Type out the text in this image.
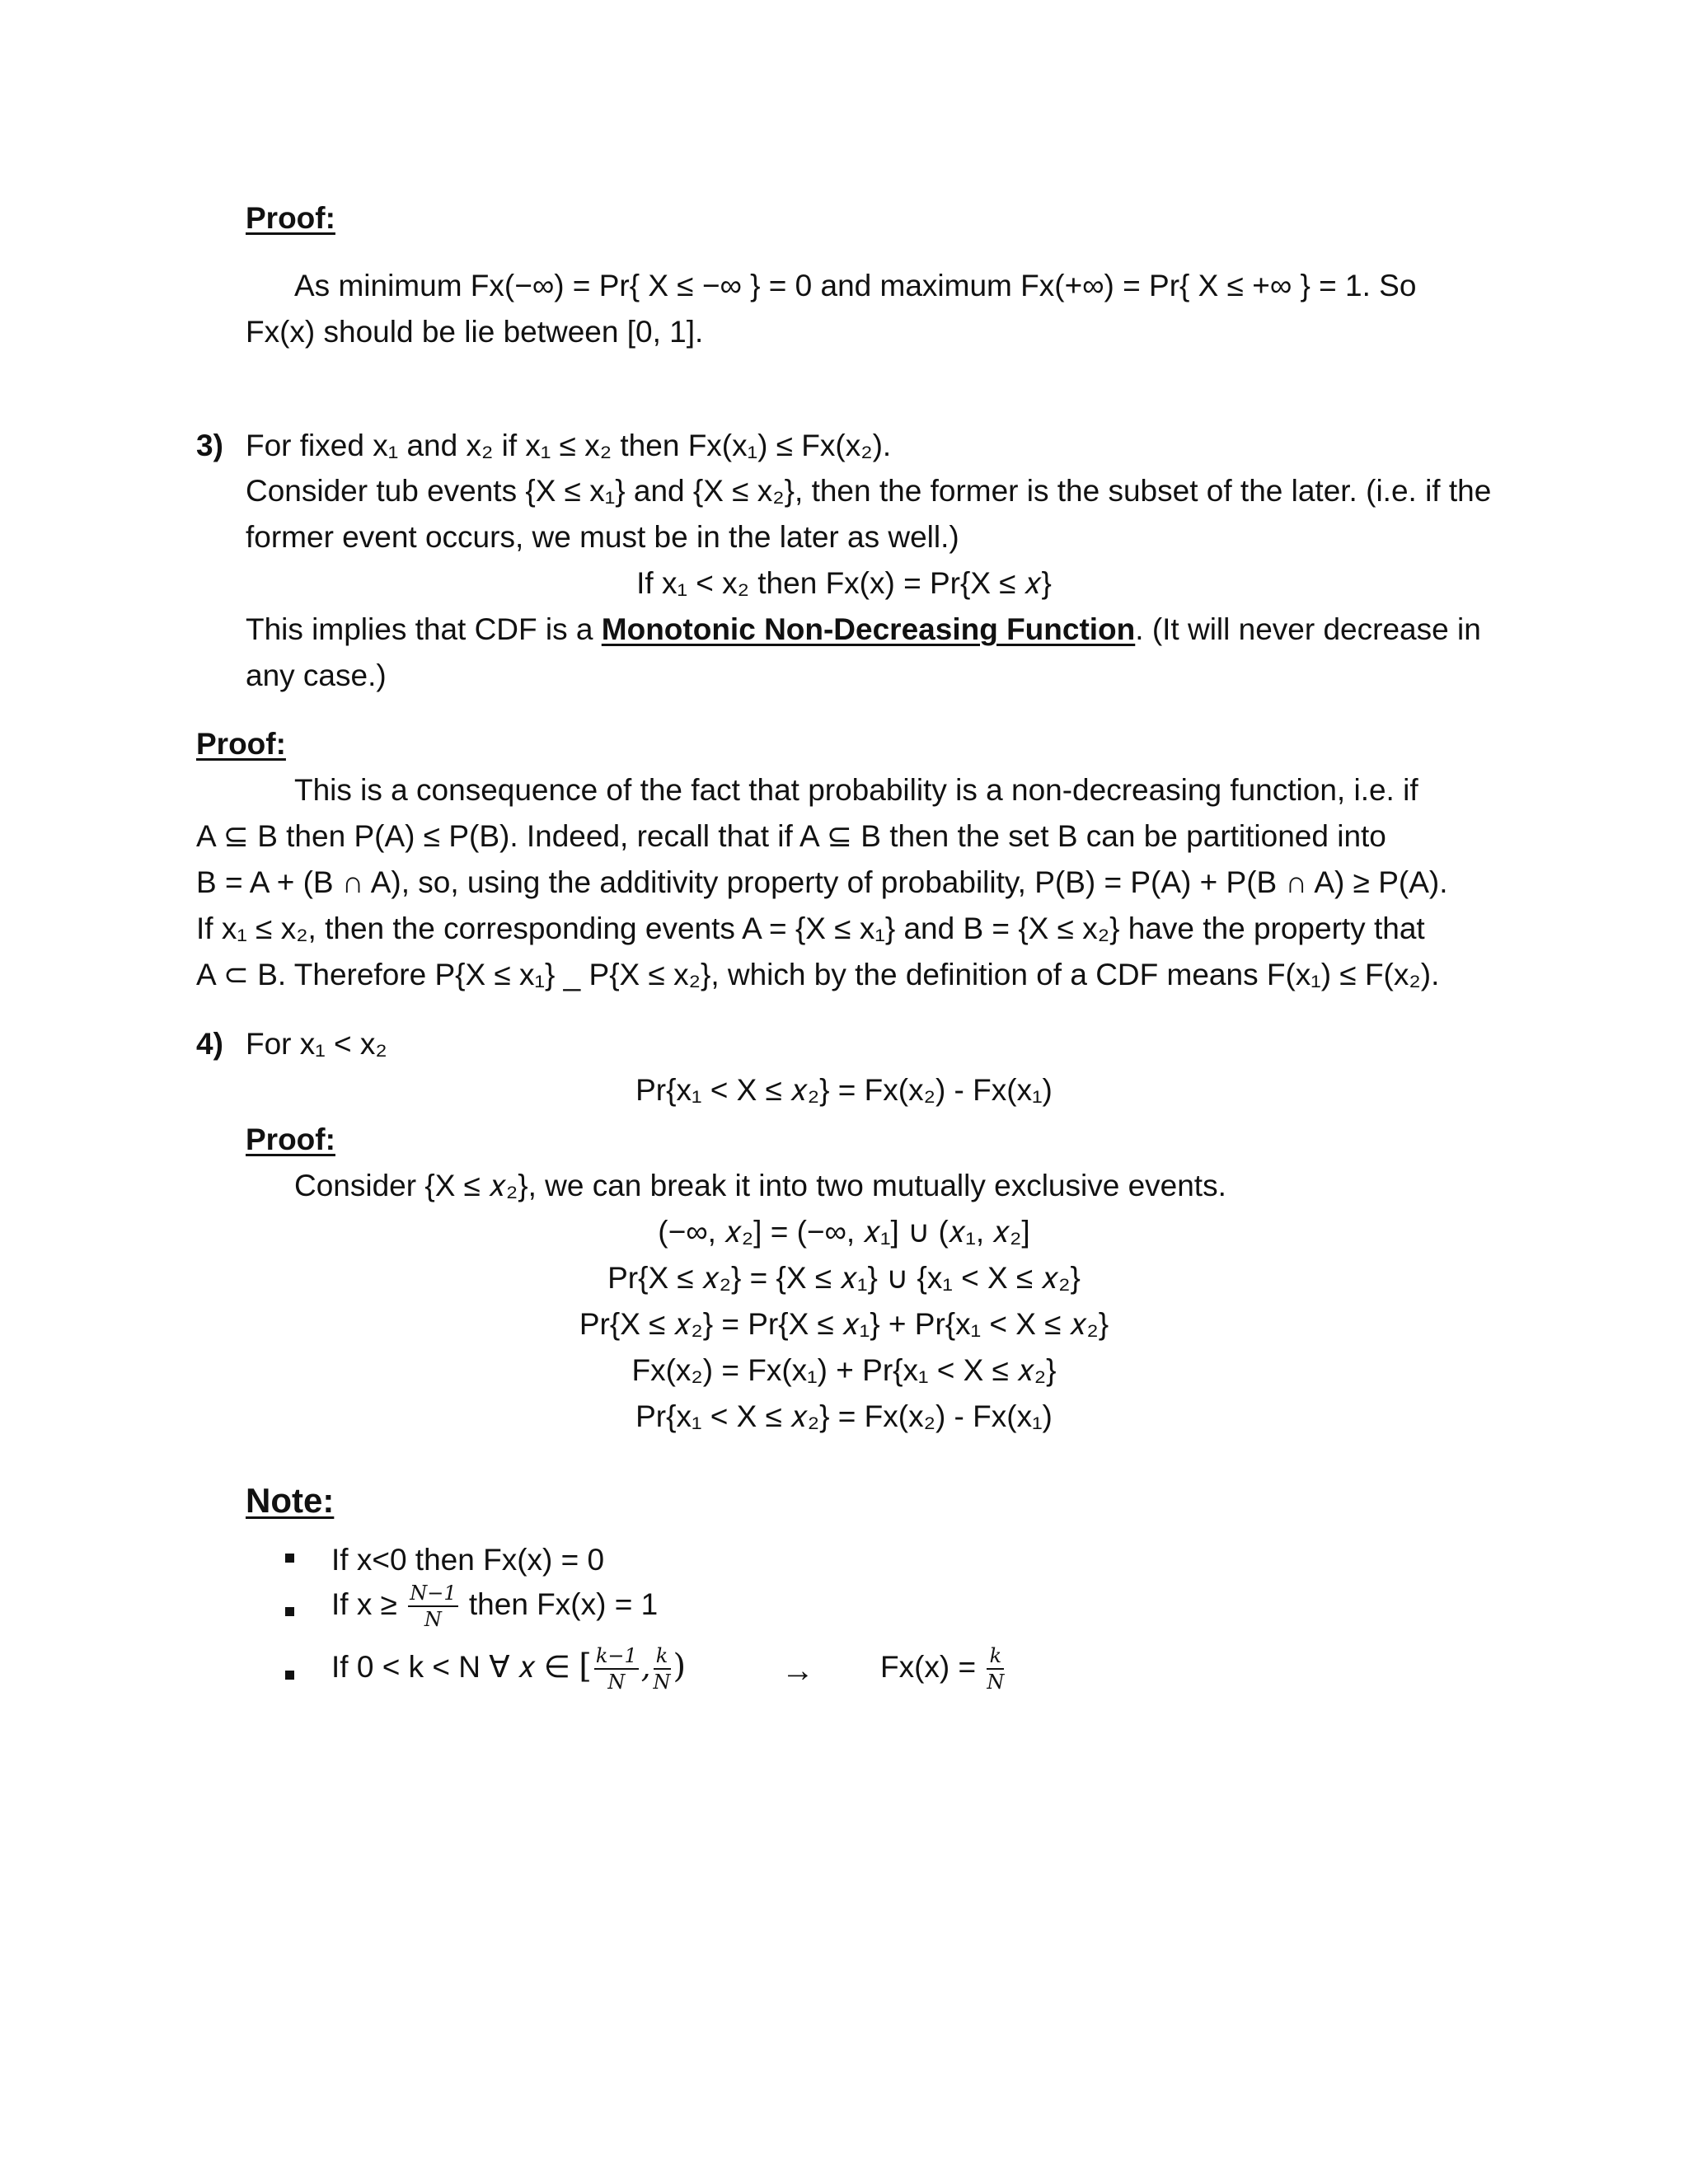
Proof:
As minimum Fx(−∞) = Pr{ X ≤ −∞ } = 0 and maximum Fx(+∞) = Pr{ X ≤ +∞ } = 1. So
Fx(x) should be lie between [0, 1].
3) For fixed x₁ and x₂ if x₁ ≤ x₂ then Fx(x₁) ≤ Fx(x₂).
Consider tub events {X ≤ x₁} and {X ≤ x₂}, then the former is the subset of the later. (i.e. if the
former event occurs, we must be in the later as well.)
If x₁ < x₂ then Fx(x) = Pr{X ≤ 𝑥}
This implies that CDF is a Monotonic Non-Decreasing Function. (It will never decrease in
any case.)
Proof:
This is a consequence of the fact that probability is a non-decreasing function, i.e. if
A ⊆ B then P(A) ≤ P(B). Indeed, recall that if A ⊆ B then the set B can be partitioned into
B = A + (B ∩ A), so, using the additivity property of probability, P(B) = P(A) + P(B ∩ A) ≥ P(A).
If x₁ ≤ x₂, then the corresponding events A = {X ≤ x₁} and B = {X ≤ x₂} have the property that
A ⊂ B. Therefore P{X ≤ x₁} _ P{X ≤ x₂}, which by the definition of a CDF means F(x₁) ≤ F(x₂).
4) For x₁ < x₂
Pr{x₁ < X ≤ 𝑥₂} = Fx(x₂) - Fx(x₁)
Proof:
Consider {X ≤ 𝑥₂}, we can break it into two mutually exclusive events.
(−∞, 𝑥₂] = (−∞, 𝑥₁] ∪ (𝑥₁, 𝑥₂]
Pr{X ≤ 𝑥₂} = {X ≤ 𝑥₁} ∪ {x₁ < X ≤ 𝑥₂}
Pr{X ≤ 𝑥₂} = Pr{X ≤ 𝑥₁} + Pr{x₁ < X ≤ 𝑥₂}
Fx(x₂) = Fx(x₁) + Pr{x₁ < X ≤ 𝑥₂}
Pr{x₁ < X ≤ 𝑥₂} = Fx(x₂) - Fx(x₁)
Note:
If x<0 then Fx(x) = 0
If $x \ge \frac{N-1}{N}$ then Fx(x) = 1
If 0 < k < N ∀ 𝑥 ∈ [ $\frac{k-1}{N}$ , $\frac{k}{N}$ )	→ $Fx(x) = \frac{k}{N}$
